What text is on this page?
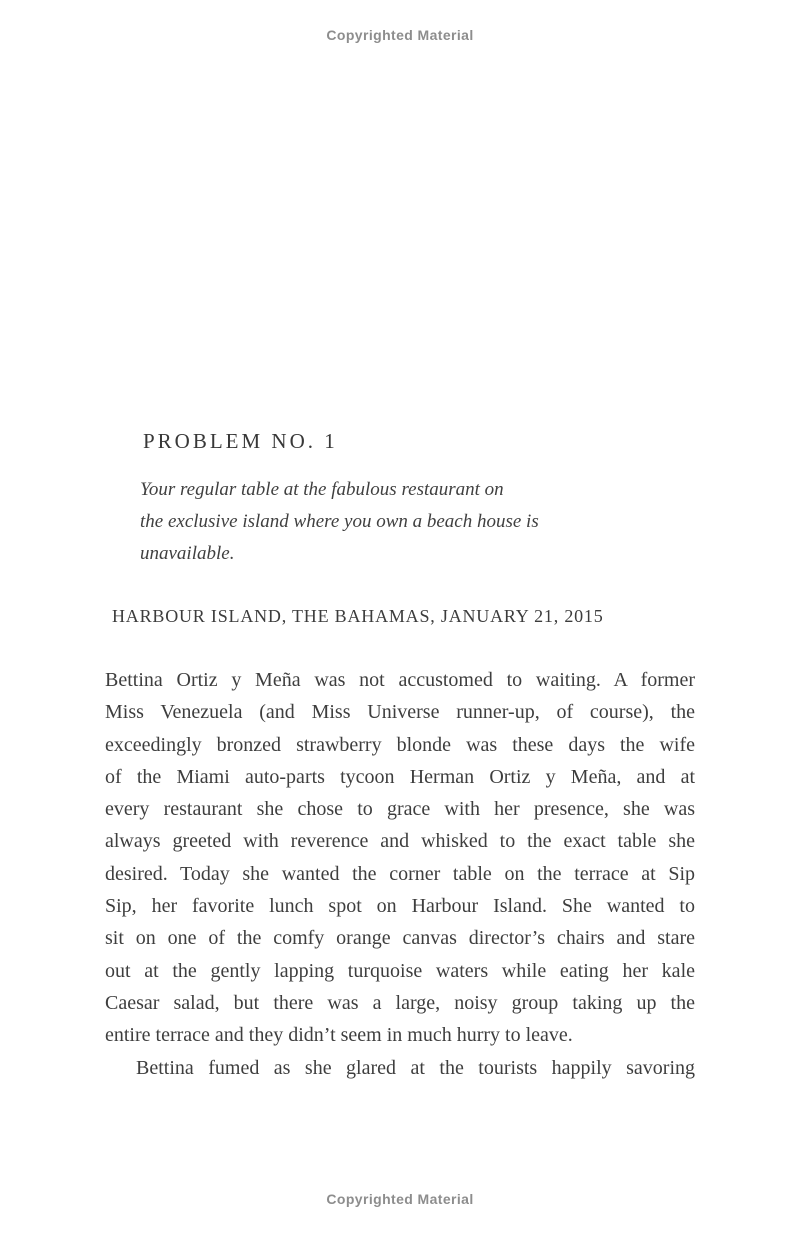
Copyrighted Material
PROBLEM NO. 1
Your regular table at the fabulous restaurant on
the exclusive island where you own a beach house is
unavailable.
HARBOUR ISLAND, THE BAHAMAS, JANUARY 21, 2015
Bettina Ortiz y Meña was not accustomed to waiting. A former
Miss Venezuela (and Miss Universe runner-up, of course), the
exceedingly bronzed strawberry blonde was these days the wife
of the Miami auto-parts tycoon Herman Ortiz y Meña, and at
every restaurant she chose to grace with her presence, she was
always greeted with reverence and whisked to the exact table she
desired. Today she wanted the corner table on the terrace at Sip
Sip, her favorite lunch spot on Harbour Island. She wanted to
sit on one of the comfy orange canvas director’s chairs and stare
out at the gently lapping turquoise waters while eating her kale
Caesar salad, but there was a large, noisy group taking up the
entire terrace and they didn’t seem in much hurry to leave.
Bettina fumed as she glared at the tourists happily savoring
Copyrighted Material
